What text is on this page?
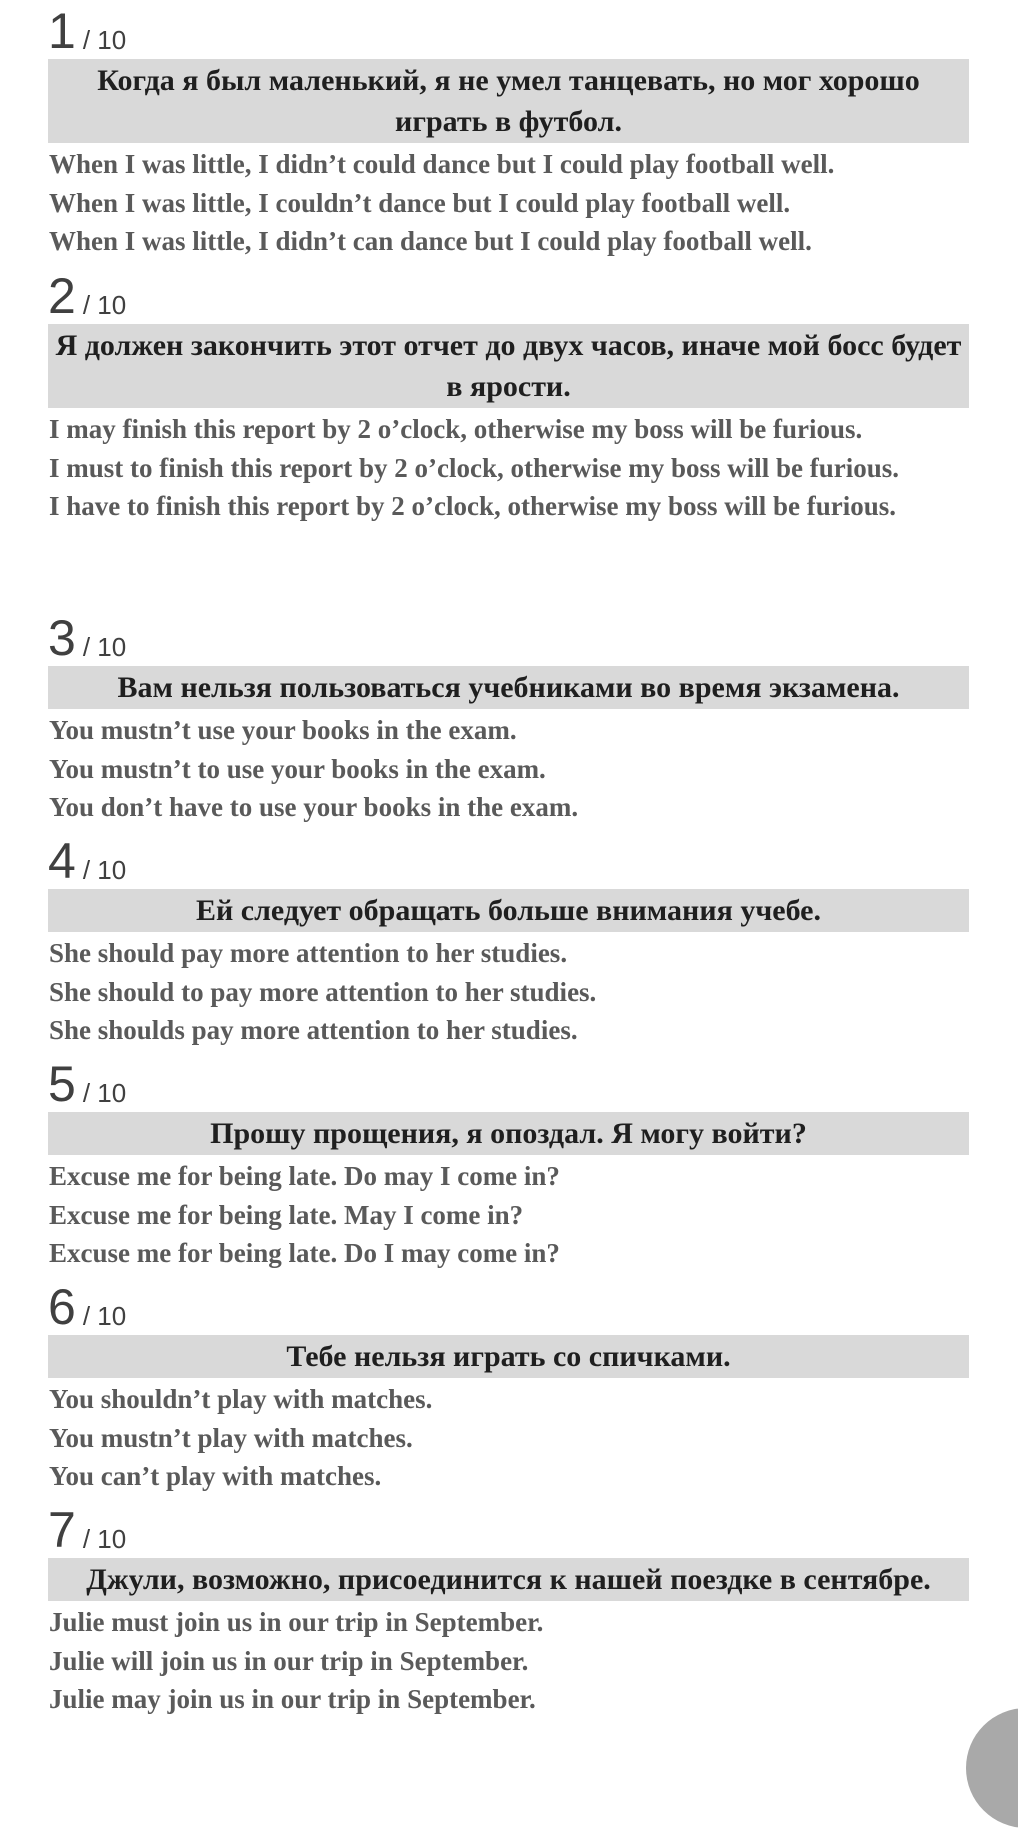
1 / 10
Когда я был маленький, я не умел танцевать, но мог хорошо играть в футбол.
When I was little, I didn’t could dance but I could play football well.
When I was little, I couldn’t dance but I could play football well.
When I was little, I didn’t can dance but I could play football well.
2 / 10
Я должен закончить этот отчет до двух часов, иначе мой босс будет в ярости.
I may finish this report by 2 o’clock, otherwise my boss will be furious.
I must to finish this report by 2 o’clock, otherwise my boss will be furious.
I have to finish this report by 2 o’clock, otherwise my boss will be furious.
3 / 10
Вам нельзя пользоваться учебниками во время экзамена.
You mustn’t use your books in the exam.
You mustn’t to use your books in the exam.
You don’t have to use your books in the exam.
4 / 10
Ей следует обращать больше внимания учебе.
She should pay more attention to her studies.
She should to pay more attention to her studies.
She shoulds pay more attention to her studies.
5 / 10
Прошу прощения, я опоздал. Я могу войти?
Excuse me for being late. Do may I come in?
Excuse me for being late. May I come in?
Excuse me for being late. Do I may come in?
6 / 10
Тебе нельзя играть со спичками.
You shouldn’t play with matches.
You mustn’t play with matches.
You can’t play with matches.
7 / 10
Джули, возможно, присоединится к нашей поездке в сентябре.
Julie must join us in our trip in September.
Julie will join us in our trip in September.
Julie may join us in our trip in September.
